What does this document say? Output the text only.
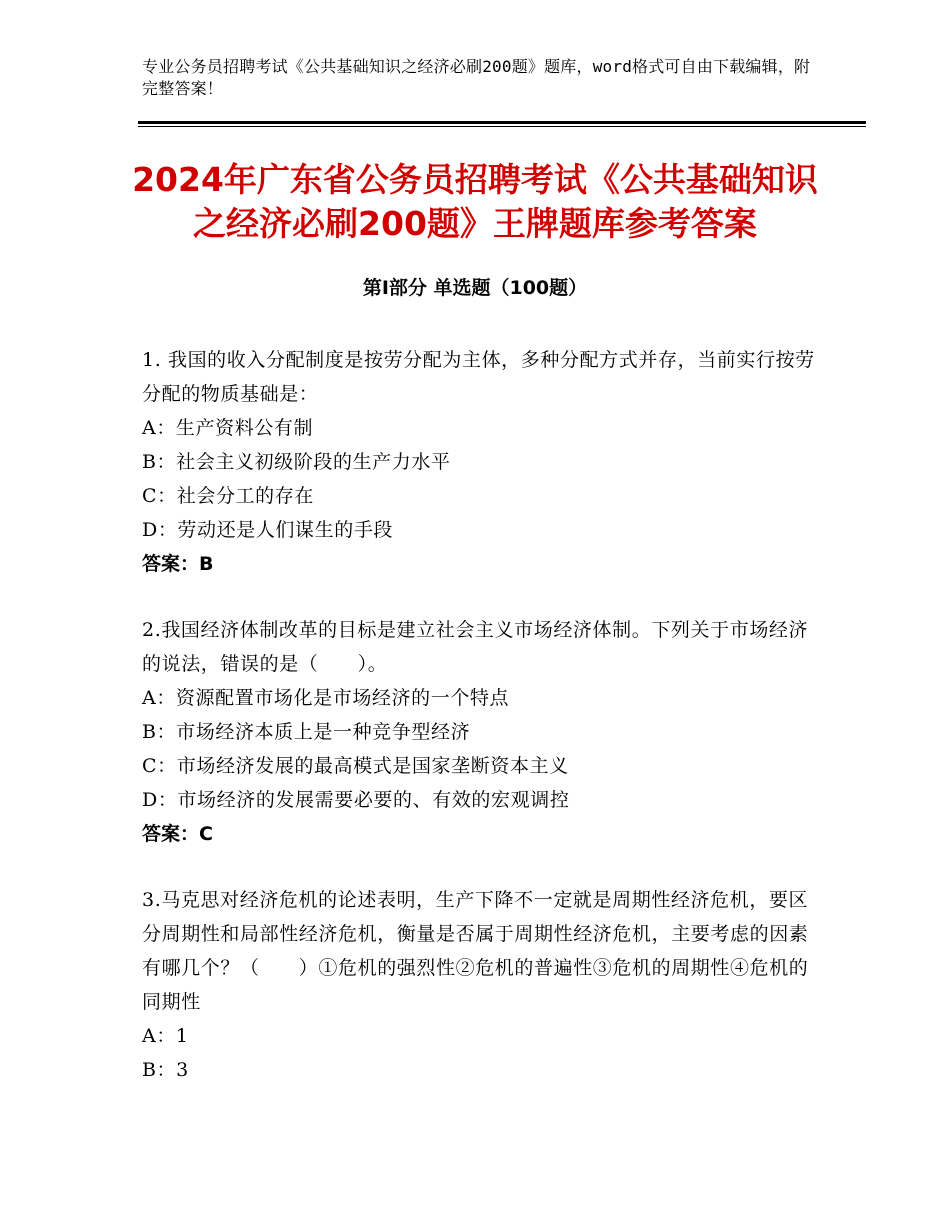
专业公务员招聘考试《公共基础知识之经济必刷200题》题库，word格式可自由下载编辑，附完整答案！
2024年广东省公务员招聘考试《公共基础知识之经济必刷200题》王牌题库参考答案
第Ⅰ部分 单选题（100题）
1. 我国的收入分配制度是按劳分配为主体，多种分配方式并存，当前实行按劳分配的物质基础是：
A：生产资料公有制
B：社会主义初级阶段的生产力水平
C：社会分工的存在
D：劳动还是人们谋生的手段
答案：B
2.我国经济体制改革的目标是建立社会主义市场经济体制。下列关于市场经济的说法，错误的是（　　）。
A：资源配置市场化是市场经济的一个特点
B：市场经济本质上是一种竞争型经济
C：市场经济发展的最高模式是国家垄断资本主义
D：市场经济的发展需要必要的、有效的宏观调控
答案：C
3.马克思对经济危机的论述表明，生产下降不一定就是周期性经济危机，要区分周期性和局部性经济危机，衡量是否属于周期性经济危机，主要考虑的因素有哪几个？（　　）①危机的强烈性②危机的普遍性③危机的周期性④危机的同期性
A：1
B：3
